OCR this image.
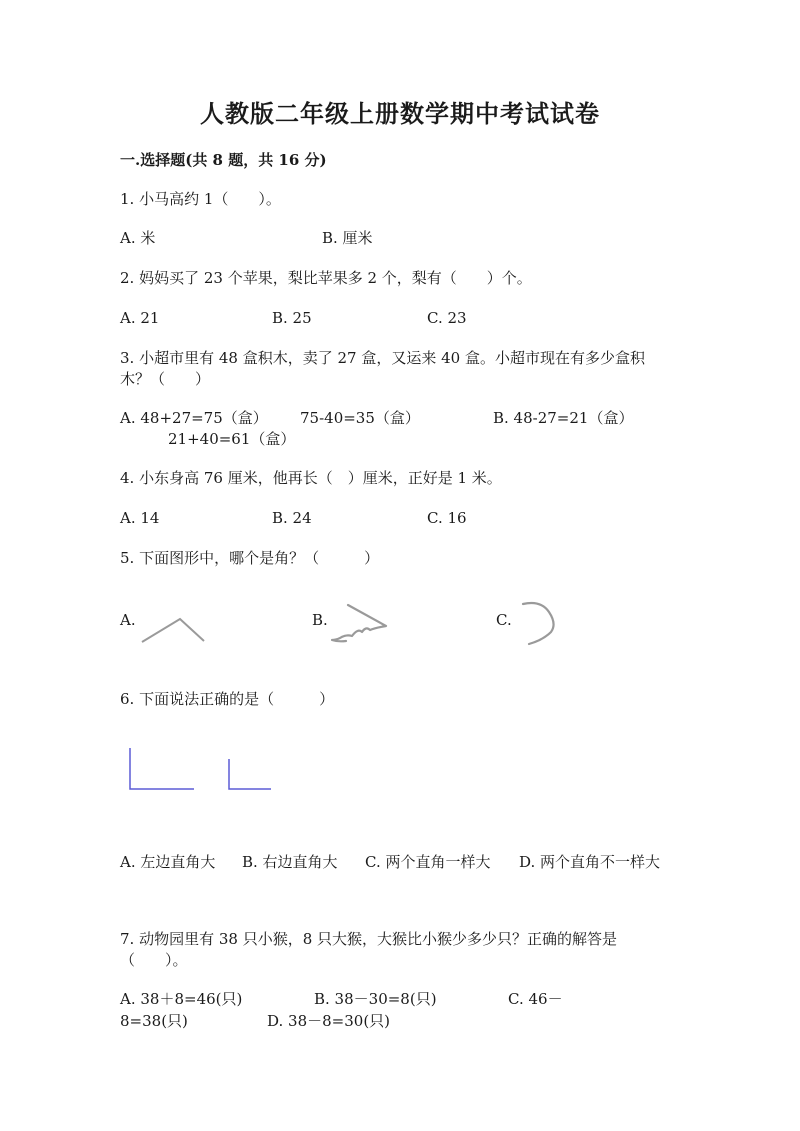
人教版二年级上册数学期中考试试卷
一.选择题(共 8 题，共 16 分)
1. 小马高约 1（　　）。
A. 米	B. 厘米
2. 妈妈买了 23 个苹果，梨比苹果多 2 个，梨有（　　）个。
A. 21	B. 25	C. 23
3. 小超市里有 48 盒积木，卖了 27 盒，又运来 40 盒。小超市现在有多少盒积
木？（　　）
A. 48+27=75（盒） 75-40=35（盒）	B. 48-27=21（盒）
21+40=61（盒）
4. 小东身高 76 厘米，他再长（　）厘米，正好是 1 米。
A. 14	B. 24	C. 16
5. 下面图形中，哪个是角？（　　　）
A.	B.	C.
6. 下面说法正确的是（　　　）
A. 左边直角大 B. 右边直角大 C. 两个直角一样大 D. 两个直角不一样大
7. 动物园里有 38 只小猴，8 只大猴，大猴比小猴少多少只？正确的解答是
（　　）。
A. 38＋8=46(只)	B. 38－30=8(只)	C. 46－
8=38(只)	D. 38－8=30(只)
